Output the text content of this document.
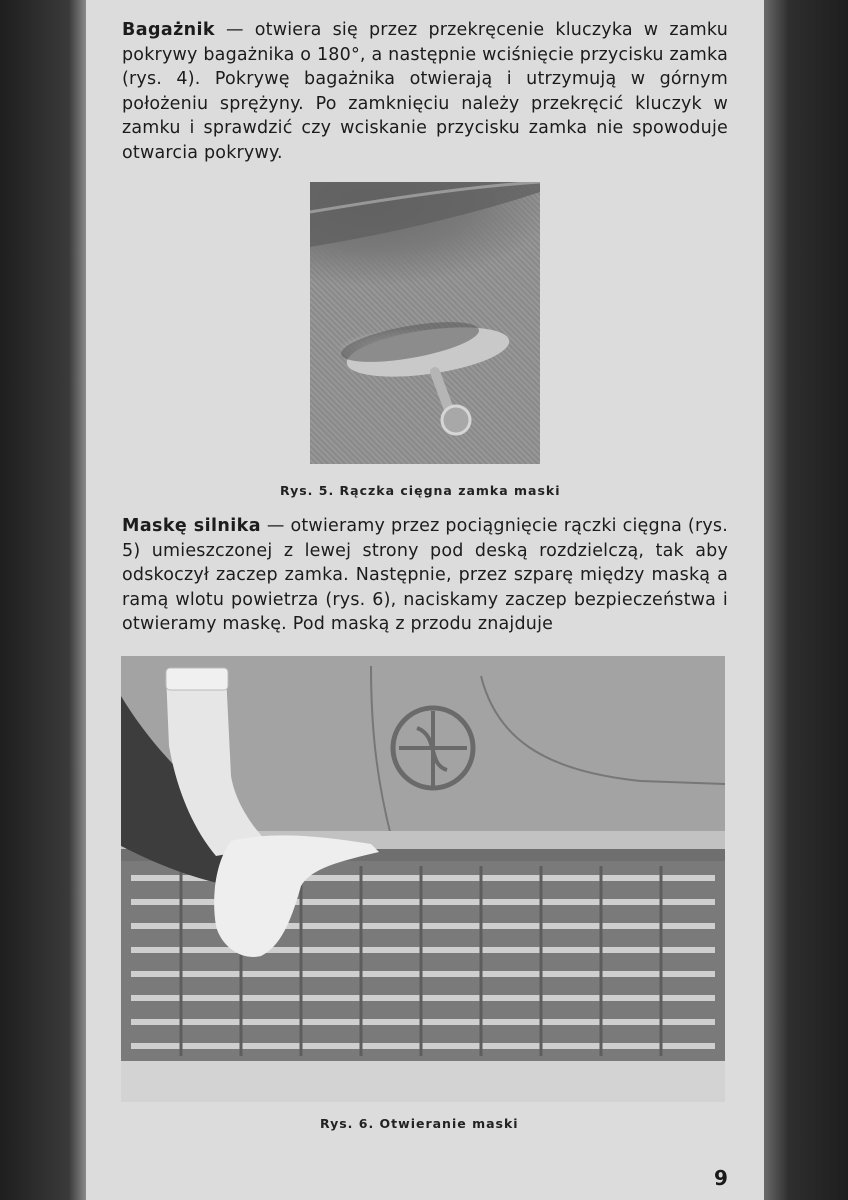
Bagażnik — otwiera się przez przekręcenie kluczyka w zamku pokrywy bagażnika o 180°, a następnie wciśnięcie przycisku zamka (rys. 4). Pokrywę bagażnika otwierają i utrzymują w górnym położeniu sprężyny. Po zamknięciu należy przekręcić kluczyk w zamku i sprawdzić czy wciskanie przycisku zamka nie spowoduje otwarcia pokrywy.

Rys. 5. Rączka cięgna zamka maski

Maskę silnika — otwieramy przez pociągnięcie rączki cięgna (rys. 5) umieszczonej z lewej strony pod deską rozdzielczą, tak aby odskoczył zaczep zamka. Następnie, przez szparę między maską a ramą wlotu powietrza (rys. 6), naciskamy zaczep bezpieczeństwa i otwieramy maskę. Pod maską z przodu znajduje

Rys. 6. Otwieranie maski

9
